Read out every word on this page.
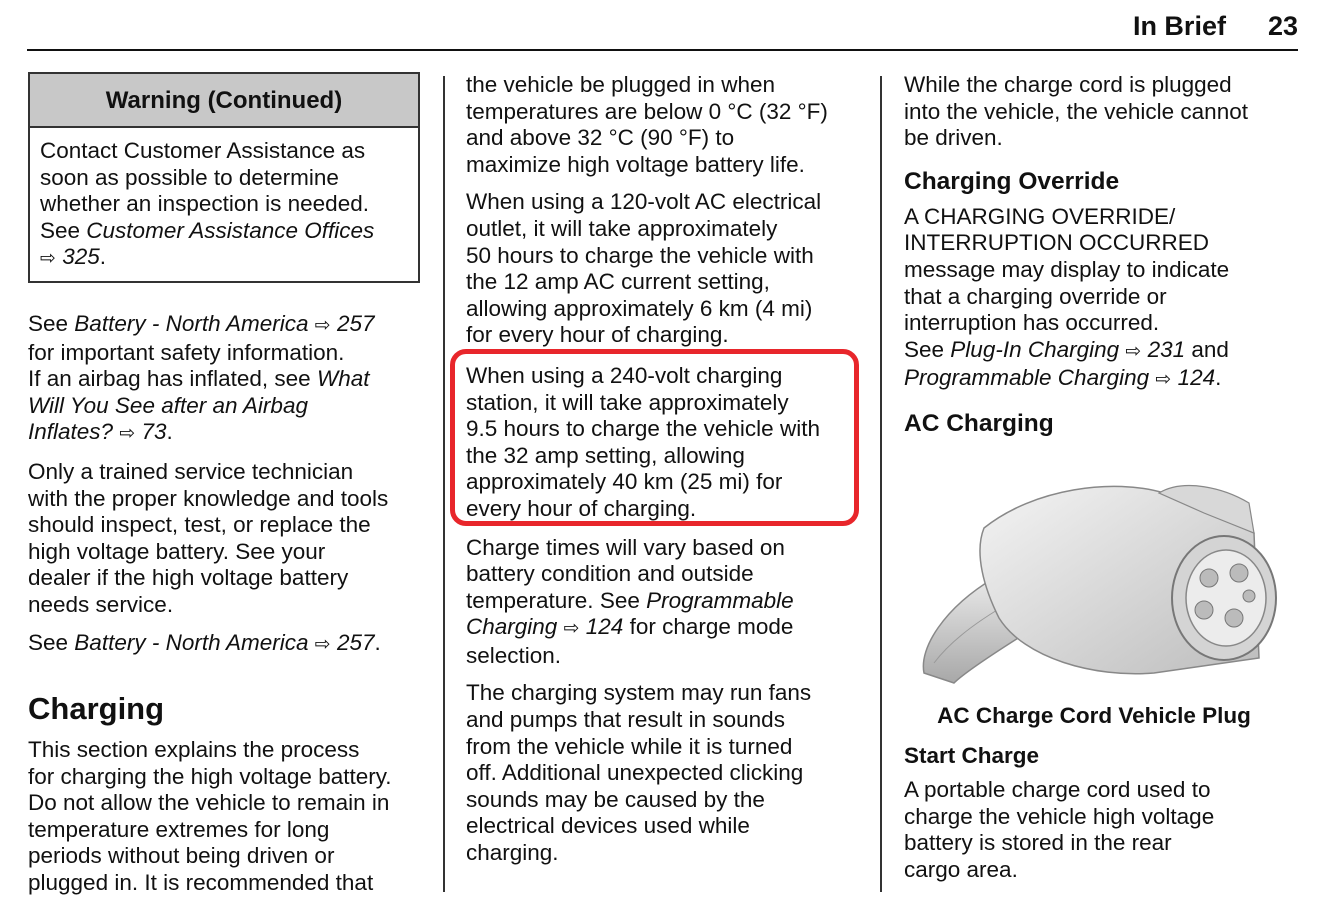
In Brief 23
Warning (Continued)
Contact Customer Assistance as
soon as possible to determine
whether an inspection is needed.
See Customer Assistance Offices
⇨ 325.

See Battery - North America ⇨ 257
for important safety information.
If an airbag has inflated, see What
Will You See after an Airbag
Inflates? ⇨ 73.

Only a trained service technician
with the proper knowledge and tools
should inspect, test, or replace the
high voltage battery. See your
dealer if the high voltage battery
needs service.

See Battery - North America ⇨ 257.

Charging

This section explains the process
for charging the high voltage battery.
Do not allow the vehicle to remain in
temperature extremes for long
periods without being driven or
plugged in. It is recommended that

the vehicle be plugged in when
temperatures are below 0 °C (32 °F)
and above 32 °C (90 °F) to
maximize high voltage battery life.

When using a 120-volt AC electrical
outlet, it will take approximately
50 hours to charge the vehicle with
the 12 amp AC current setting,
allowing approximately 6 km (4 mi)
for every hour of charging.

When using a 240-volt charging
station, it will take approximately
9.5 hours to charge the vehicle with
the 32 amp setting, allowing
approximately 40 km (25 mi) for
every hour of charging.

Charge times will vary based on
battery condition and outside
temperature. See Programmable
Charging ⇨ 124 for charge mode
selection.

The charging system may run fans
and pumps that result in sounds
from the vehicle while it is turned
off. Additional unexpected clicking
sounds may be caused by the
electrical devices used while
charging.

While the charge cord is plugged
into the vehicle, the vehicle cannot
be driven.

Charging Override

A CHARGING OVERRIDE/
INTERRUPTION OCCURRED
message may display to indicate
that a charging override or
interruption has occurred.
See Plug-In Charging ⇨ 231 and
Programmable Charging ⇨ 124.

AC Charging
AC Charge Cord Vehicle Plug
Start Charge

A portable charge cord used to
charge the vehicle high voltage
battery is stored in the rear
cargo area.
